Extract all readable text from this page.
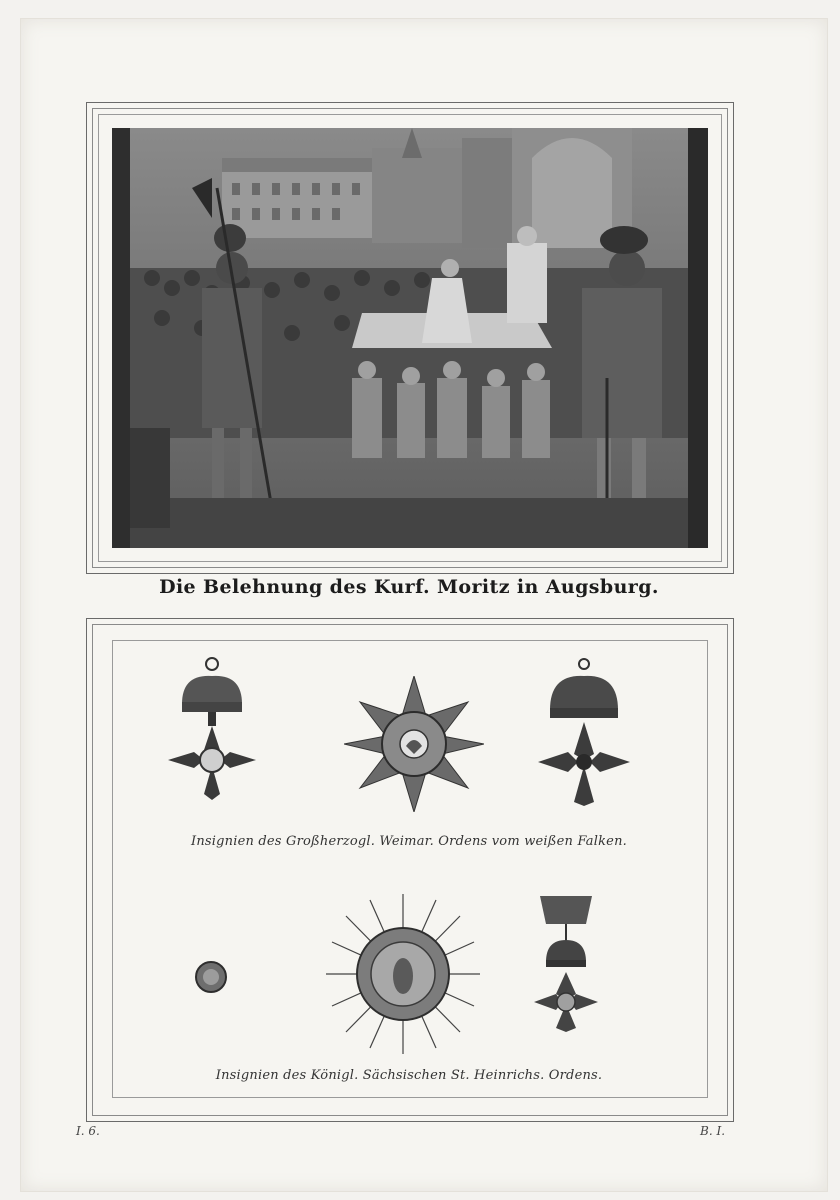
Die Belehnung des Kurf. Moritz in Augsburg.
Insignien des Großherzogl. Weimar. Ordens vom weißen Falken.
Insignien des Königl. Sächsischen St. Heinrichs. Ordens.
I. 6.	B. I.
